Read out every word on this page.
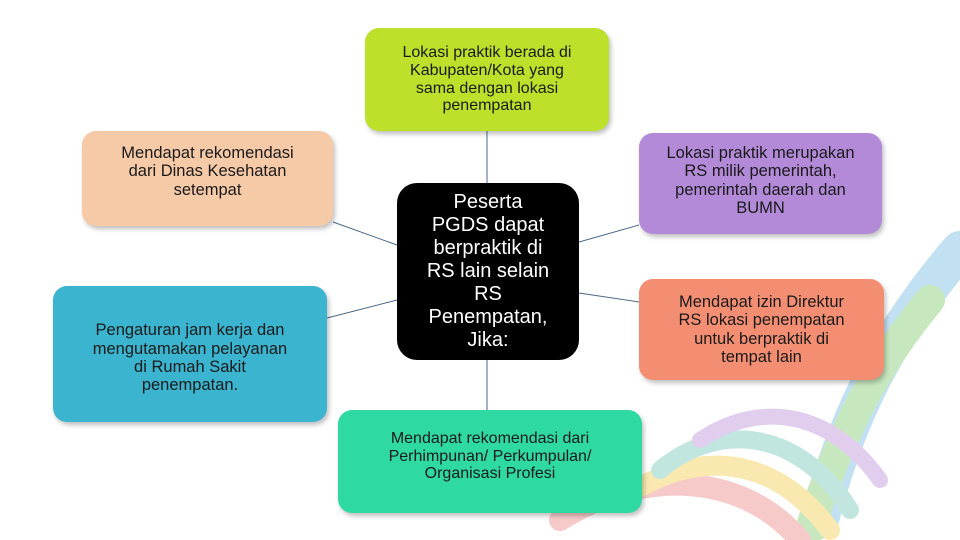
Lokasi praktik berada di
Kabupaten/Kota yang
sama dengan lokasi
penempatan
Mendapat rekomendasi
dari Dinas Kesehatan
setempat
Pengaturan jam kerja dan
mengutamakan pelayanan
di Rumah Sakit
penempatan.
Lokasi praktik merupakan
RS milik pemerintah,
pemerintah daerah dan
BUMN
Mendapat izin Direktur
RS lokasi penempatan
untuk berpraktik di
tempat lain
Mendapat rekomendasi dari
Perhimpunan/ Perkumpulan/
Organisasi Profesi
Peserta
PGDS dapat
berpraktik di
RS lain selain
RS
Penempatan,
Jika:
